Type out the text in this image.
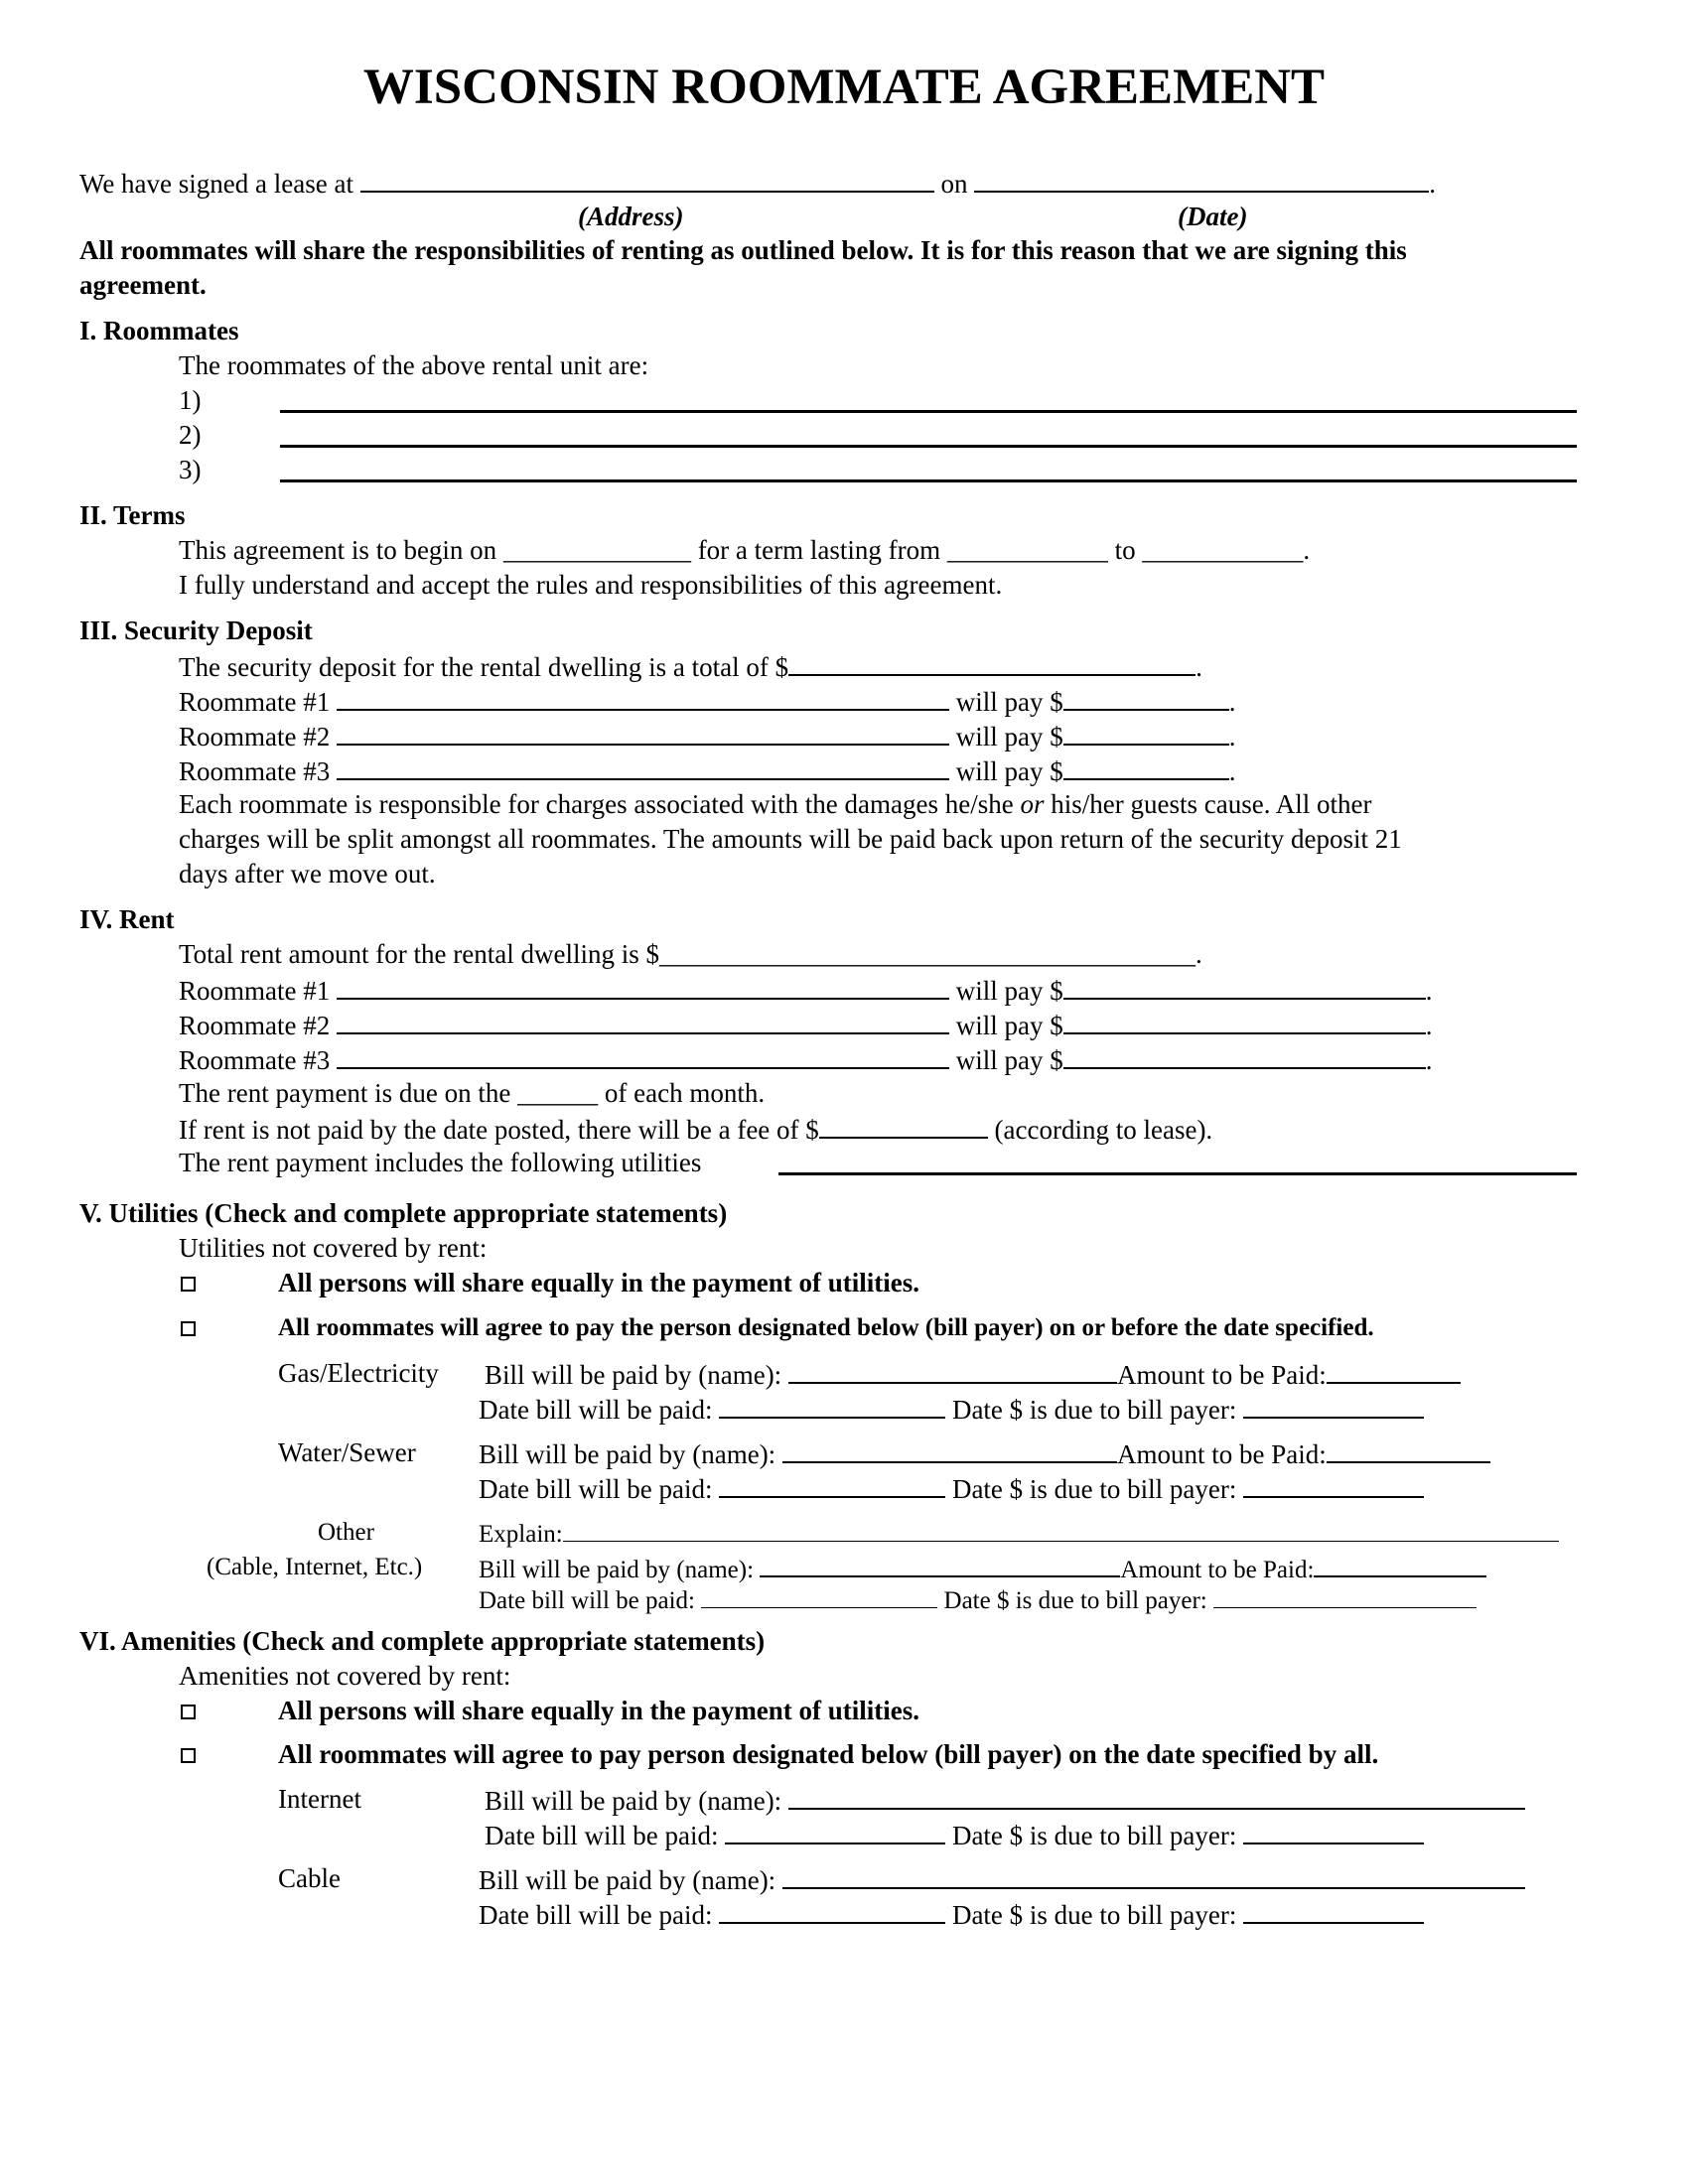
WISCONSIN ROOMMATE AGREEMENT
We have signed a lease at	on	.
(Address)	(Date)
All roommates will share the responsibilities of renting as outlined below. It is for this reason that we are signing this
agreement.
I. Roommates
The roommates of the above rental unit are:
1)
2)
3)
II. Terms
This agreement is to begin on ______________ for a term lasting from ____________ to ____________.
I fully understand and accept the rules and responsibilities of this agreement.
III. Security Deposit
The security deposit for the rental dwelling is a total of $	.
Roommate #1	will pay $	.
Roommate #2	will pay $	.
Roommate #3	will pay $	.
Each roommate is responsible for charges associated with the damages he/she or his/her guests cause. All other
charges will be split amongst all roommates. The amounts will be paid back upon return of the security deposit 21
days after we move out.
IV. Rent
Total rent amount for the rental dwelling is $________________________________________.
Roommate #1	will pay $	.
Roommate #2	will pay $	.
Roommate #3	will pay $	.
The rent payment is due on the ______ of each month.
If rent is not paid by the date posted, there will be a fee of $	(according to lease).
The rent payment includes the following utilities
V. Utilities (Check and complete appropriate statements)
Utilities not covered by rent:
All persons will share equally in the payment of utilities.
All roommates will agree to pay the person designated below (bill payer) on or before the date specified.
Gas/Electricity Bill will be paid by (name):	Amount to be Paid:
Date bill will be paid:	Date $ is due to bill payer:
Water/Sewer Bill will be paid by (name):	Amount to be Paid:
Date bill will be paid:	Date $ is due to bill payer:
Other	Explain:
(Cable, Internet, Etc.) Bill will be paid by (name):	Amount to be Paid:
Date bill will be paid:	Date $ is due to bill payer:
VI. Amenities (Check and complete appropriate statements)
Amenities not covered by rent:
All persons will share equally in the payment of utilities.
All roommates will agree to pay person designated below (bill payer) on the date specified by all.
Internet	Bill will be paid by (name):
Date bill will be paid:	Date $ is due to bill payer:
Cable	Bill will be paid by (name):
Date bill will be paid:	Date $ is due to bill payer:
